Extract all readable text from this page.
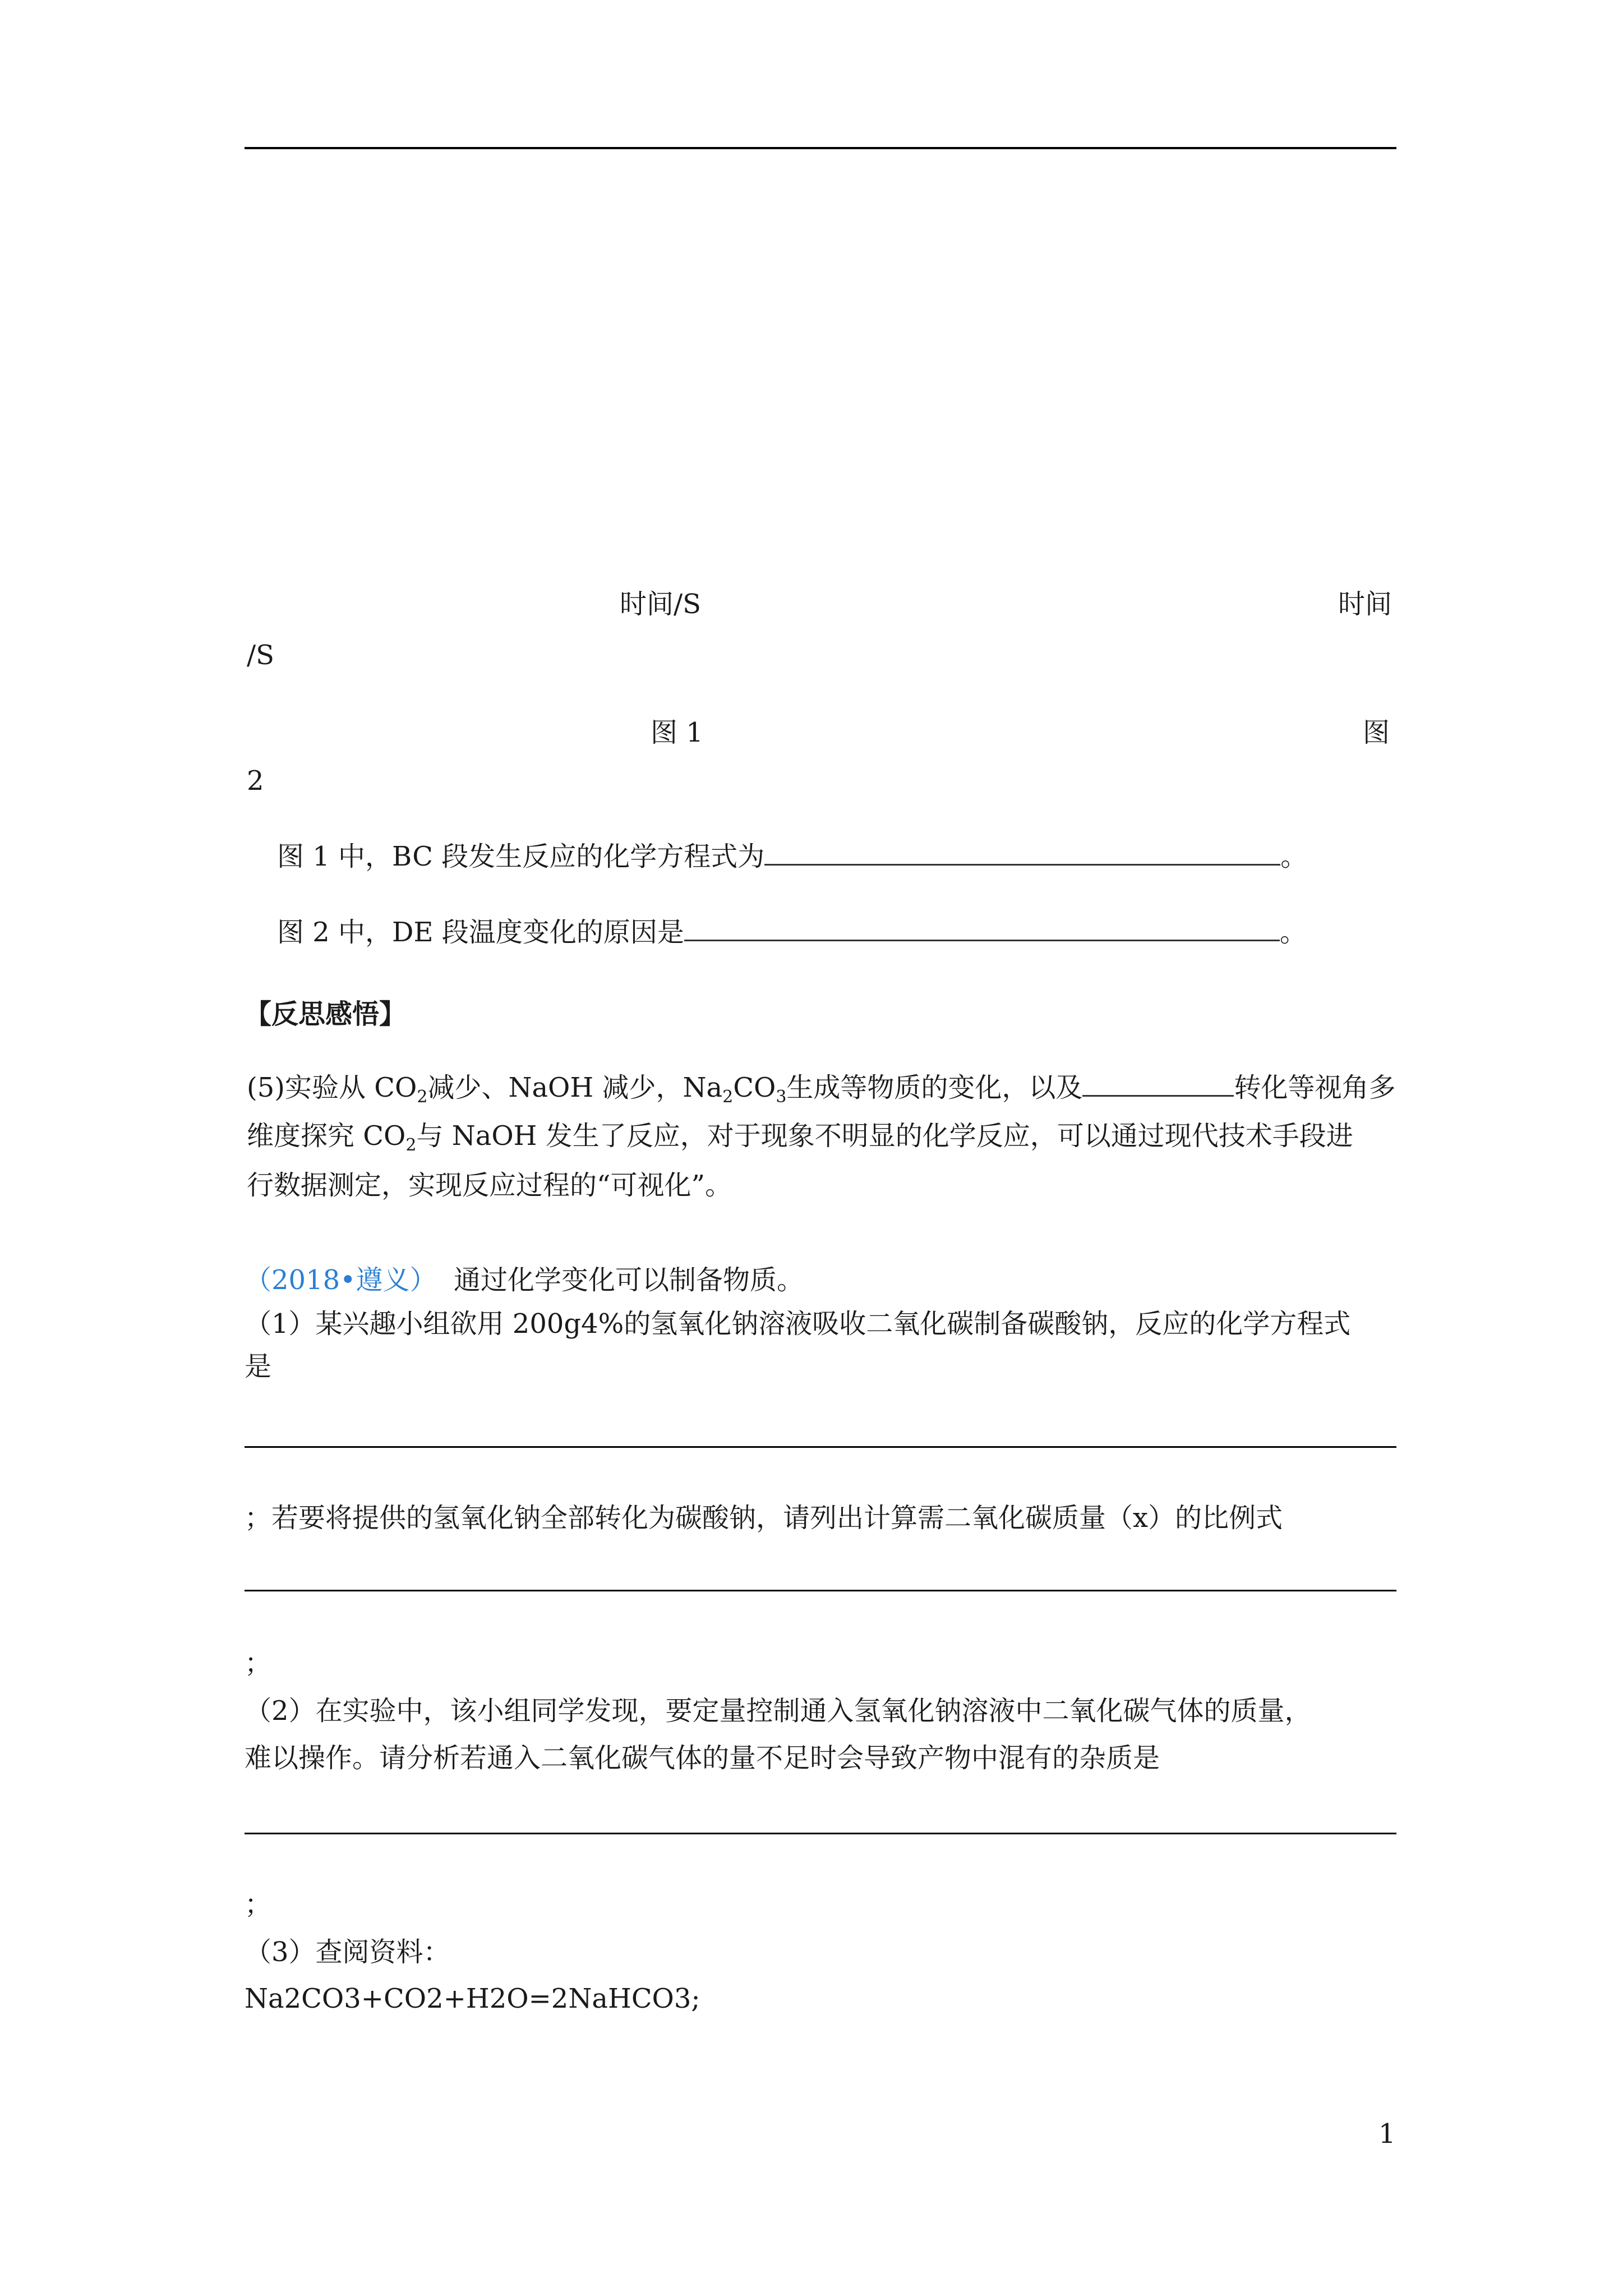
时间/S	时间
/S
图 1	图
2
图 1 中，BC 段发生反应的化学方程式为	。
图 2 中，DE 段温度变化的原因是	。
【反思感悟】
(5)实验从 $CO_2$减少、NaOH 减少，$Na_2CO_3$生成等物质的变化，以及	转化等视角多
维度探究 $CO_2$与 NaOH 发生了反应，对于现象不明显的化学反应，可以通过现代技术手段进
行数据测定，实现反应过程的“可视化”。
（2018•遵义） 通过化学变化可以制备物质。
（1）某兴趣小组欲用 200g4%的氢氧化钠溶液吸收二氧化碳制备碳酸钠，反应的化学方程式
是
；若要将提供的氢氧化钠全部转化为碳酸钠，请列出计算需二氧化碳质量（x）的比例式
；
（2）在实验中，该小组同学发现，要定量控制通入氢氧化钠溶液中二氧化碳气体的质量，
难以操作。请分析若通入二氧化碳气体的量不足时会导致产物中混有的杂质是
；
（3）查阅资料：
Na2CO3+CO2+H2O=2NaHCO3;
1
